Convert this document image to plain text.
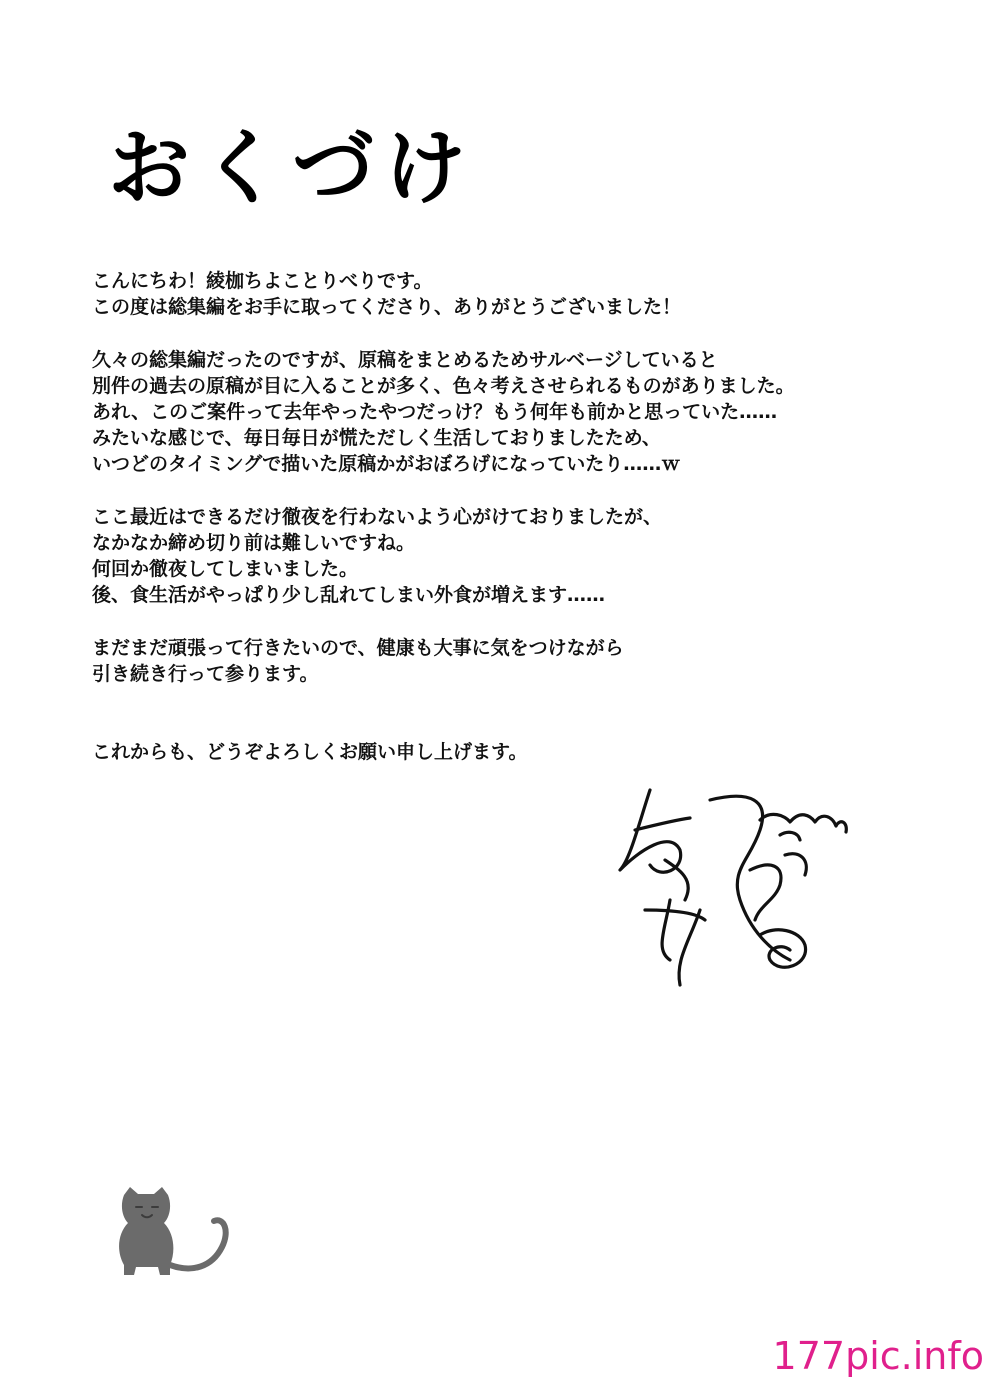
おくづけ

こんにちわ！綾枷ちよことりべりです。
この度は総集編をお手に取ってくださり、ありがとうございました！

久々の総集編だったのですが、原稿をまとめるためサルベージしていると
別件の過去の原稿が目に入ることが多く、色々考えさせられるものがありました。
あれ、このご案件って去年やったやつだっけ？もう何年も前かと思っていた……
みたいな感じで、毎日毎日が慌ただしく生活しておりましたため、
いつどのタイミングで描いた原稿かがおぼろげになっていたり……ｗ

ここ最近はできるだけ徹夜を行わないよう心がけておりましたが、
なかなか締め切り前は難しいですね。
何回か徹夜してしまいました。
後、食生活がやっぱり少し乱れてしまい外食が増えます……

まだまだ頑張って行きたいので、健康も大事に気をつけながら
引き続き行って参ります。

これからも、どうぞよろしくお願い申し上げます。

177pic.info
